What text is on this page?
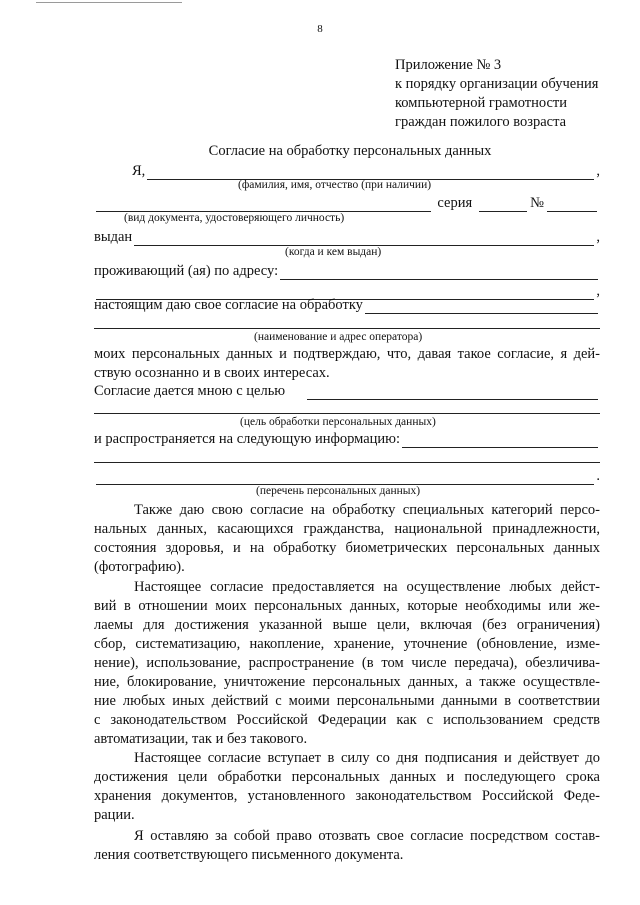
8
Приложение № 3
к порядку организации обучения
компьютерной грамотности
граждан пожилого возраста
Согласие на обработку персональных данных
Я,	,
(фамилия, имя, отчество (при наличии)
серия	№
(вид документа, удостоверяющего личность)
выдан	,
(когда и кем выдан)
проживающий (ая) по адресу:
,
настоящим даю свое согласие на обработку
(наименование и адрес оператора)
моих персональных данных и подтверждаю, что, давая такое согласие, я дей-
ствую осознанно и в своих интересах.
Согласие дается мною с целью
(цель обработки персональных данных)
и распространяется на следующую информацию:
.
(перечень персональных данных)
Также даю свою согласие на обработку специальных категорий персо-
нальных данных, касающихся гражданства, национальной принадлежности,
состояния здоровья, и на обработку биометрических персональных данных
(фотографию).
Настоящее согласие предоставляется на осуществление любых дейст-
вий в отношении моих персональных данных, которые необходимы или же-
лаемы для достижения указанной выше цели, включая (без ограничения)
сбор, систематизацию, накопление, хранение, уточнение (обновление, изме-
нение), использование, распространение (в том числе передача), обезличива-
ние, блокирование, уничтожение персональных данных, а также осуществле-
ние любых иных действий с моими персональными данными в соответствии
с законодательством Российской Федерации как с использованием средств
автоматизации, так и без такового.
Настоящее согласие вступает в силу со дня подписания и действует до
достижения цели обработки персональных данных и последующего срока
хранения документов, установленного законодательством Российской Феде-
рации.
Я оставляю за собой право отозвать свое согласие посредством состав-
ления соответствующего письменного документа.
